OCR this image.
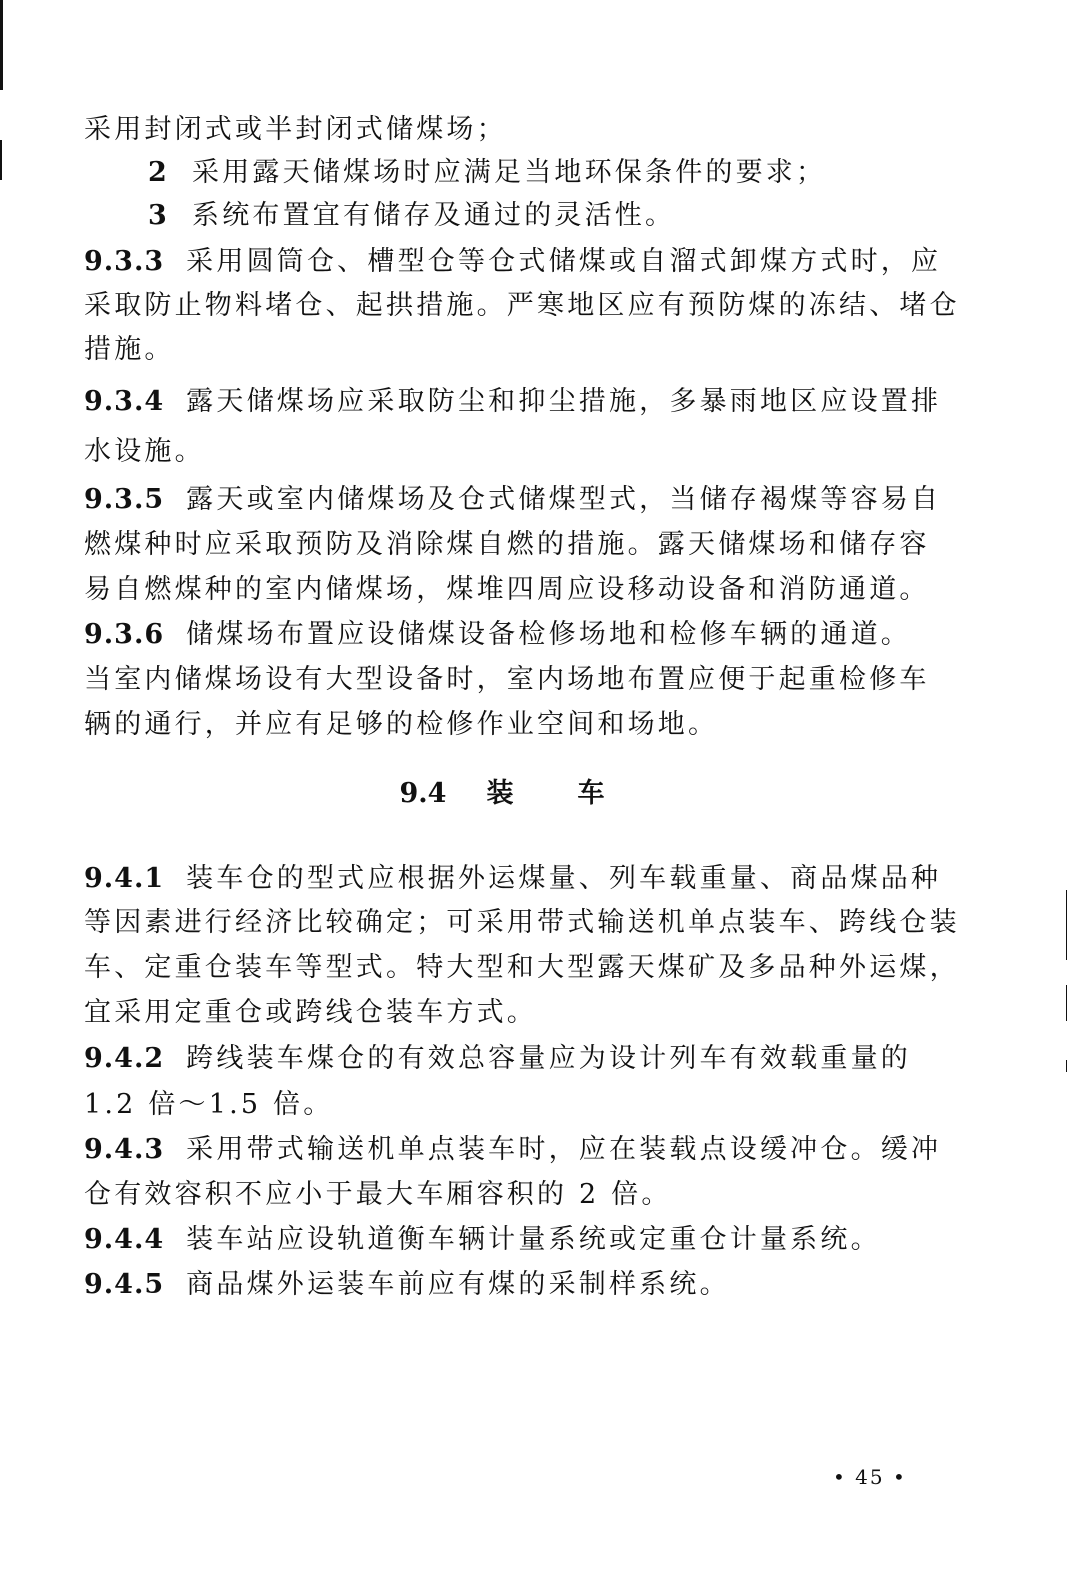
采用封闭式或半封闭式储煤场；
2 采用露天储煤场时应满足当地环保条件的要求；
3 系统布置宜有储存及通过的灵活性。
9.3.3 采用圆筒仓、槽型仓等仓式储煤或自溜式卸煤方式时，应
采取防止物料堵仓、起拱措施。严寒地区应有预防煤的冻结、堵仓
措施。
9.3.4 露天储煤场应采取防尘和抑尘措施，多暴雨地区应设置排
水设施。
9.3.5 露天或室内储煤场及仓式储煤型式，当储存褐煤等容易自
燃煤种时应采取预防及消除煤自燃的措施。露天储煤场和储存容
易自燃煤种的室内储煤场，煤堆四周应设移动设备和消防通道。
9.3.6 储煤场布置应设储煤设备检修场地和检修车辆的通道。
当室内储煤场设有大型设备时，室内场地布置应便于起重检修车
辆的通行，并应有足够的检修作业空间和场地。
9.4 装 车
9.4.1 装车仓的型式应根据外运煤量、列车载重量、商品煤品种
等因素进行经济比较确定；可采用带式输送机单点装车、跨线仓装
车、定重仓装车等型式。特大型和大型露天煤矿及多品种外运煤，
宜采用定重仓或跨线仓装车方式。
9.4.2 跨线装车煤仓的有效总容量应为设计列车有效载重量的
1.2 倍～1.5 倍。
9.4.3 采用带式输送机单点装车时，应在装载点设缓冲仓。缓冲
仓有效容积不应小于最大车厢容积的 2 倍。
9.4.4 装车站应设轨道衡车辆计量系统或定重仓计量系统。
9.4.5 商品煤外运装车前应有煤的采制样系统。
• 45 •
